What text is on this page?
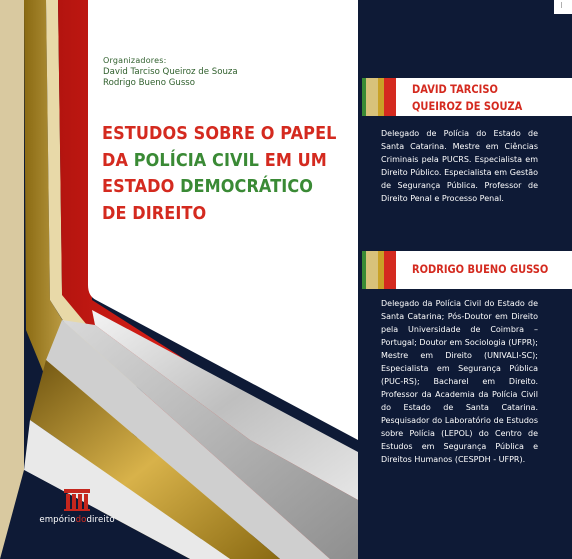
Organizadores:
David Tarciso Queiroz de Souza
Rodrigo Bueno Gusso
ESTUDOS SOBRE O PAPEL
DA POLÍCIA CIVIL EM UM
ESTADO DEMOCRÁTICO
DE DIREITO
empóriododireito
DAVID TARCISO
QUEIROZ DE SOUZA
Delegado de Polícia do Estado de Santa Catarina. Mestre em Ciências Criminais pela PUCRS. Especialista em Direito Público. Especialista em Gestão de Segurança Pública. Professor de Direito Penal e Processo Penal.
RODRIGO BUENO GUSSO
Delegado da Polícia Civil do Estado de Santa Catarina; Pós-Doutor em Direito pela Universidade de Coimbra – Portugal; Doutor em Sociologia (UFPR); Mestre em Direito (UNIVALI-SC); Especialista em Segurança Pública (PUC-RS); Bacharel em Direito. Professor da Academia da Polícia Civil do Estado de Santa Catarina. Pesquisador do Laboratório de Estudos sobre Polícia (LEPOL) do Centro de Estudos em Segurança Pública e Direitos Humanos (CESPDH - UFPR).
